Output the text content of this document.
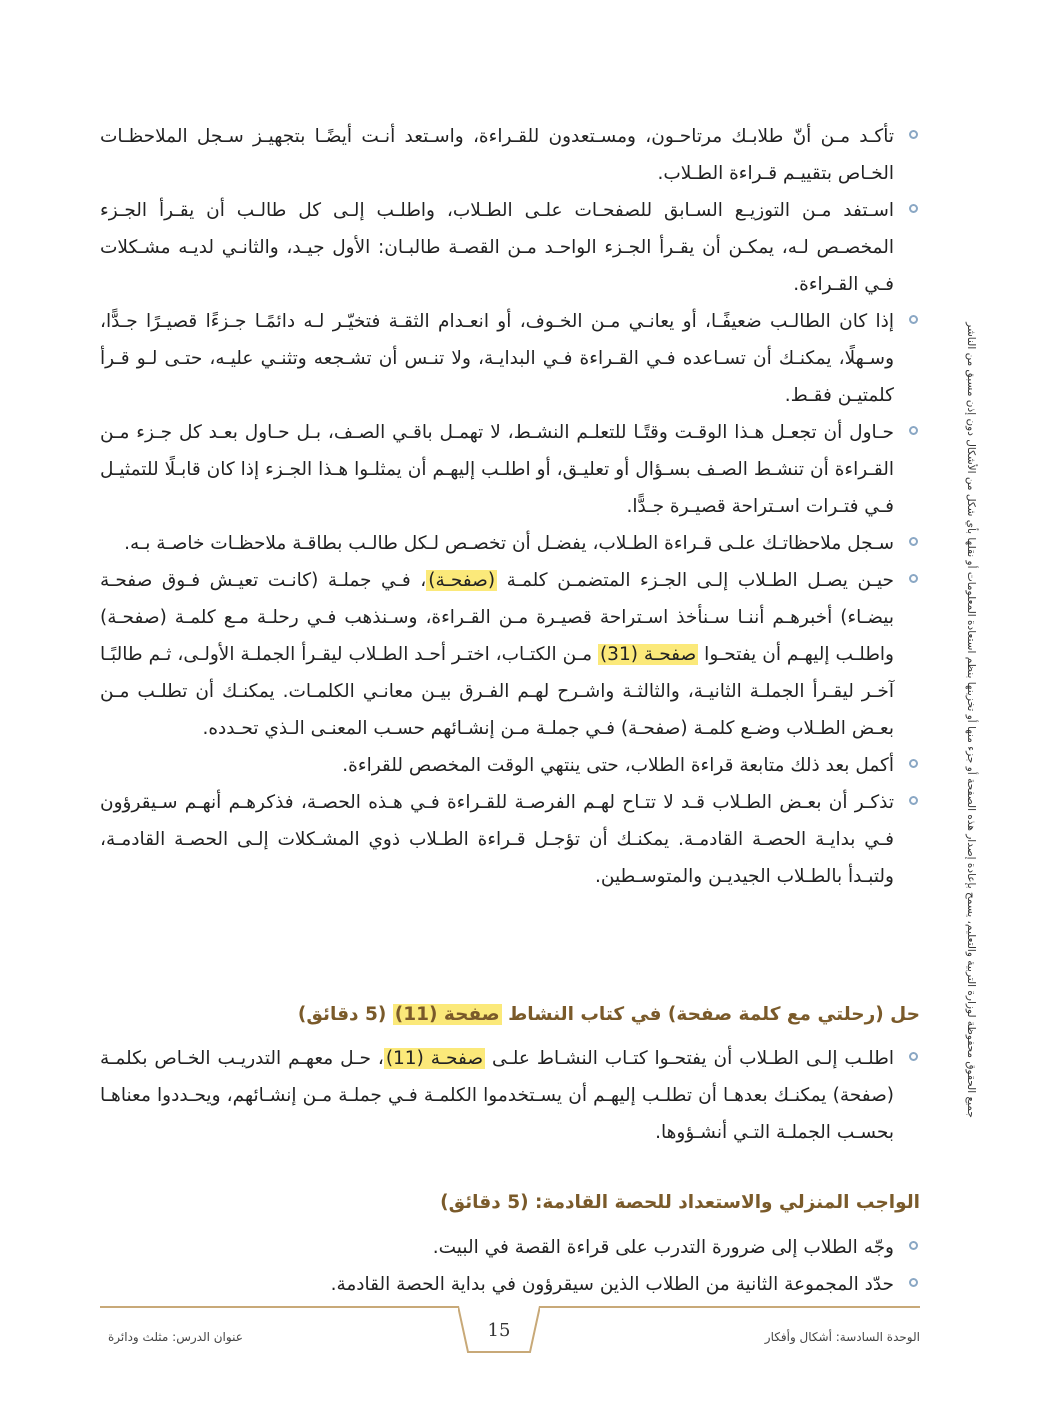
تأكـد مـن أنّ طلابـك مرتاحـون، ومسـتعدون للقـراءة، واسـتعد أنـت أيضًـا بتجهيـز سـجل الملاحظـات الخـاص بتقييـم قـراءة الطـلاب.
اسـتفد مـن التوزيـع السـابق للصفحـات علـى الطـلاب، واطلـب إلـى كل طالـب أن يقـرأ الجـزء المخصـص لـه، يمكـن أن يقـرأ الجـزء الواحـد مـن القصـة طالبـان: الأول جيـد، والثانـي لديـه مشـكلات فـي القـراءة.
إذا كان الطالـب ضعيفًـا، أو يعانـي مـن الخـوف، أو انعـدام الثقـة فتخيّـر لـه دائمًـا جـزءًا قصيـرًا جـدًّا، وسـهلًا، يمكنـك أن تسـاعده فـي القـراءة فـي البدايـة، ولا تنـس أن تشـجعه وتثنـي عليـه، حتـى لـو قـرأ كلمتيـن فقـط.
حـاول أن تجعـل هـذا الوقـت وقتًـا للتعلـم النشـط، لا تهمـل باقـي الصـف، بـل حـاول بعـد كل جـزء مـن القـراءة أن تنشـط الصـف بسـؤال أو تعليـق، أو اطلـب إليهـم أن يمثلـوا هـذا الجـزء إذا كان قابـلًا للتمثيـل فـي فتـرات اسـتراحة قصيـرة جـدًّا.
سـجل ملاحظاتـك علـى قـراءة الطـلاب، يفضـل أن تخصـص لـكل طالـب بطاقـة ملاحظـات خاصـة بـه.
حيـن يصـل الطـلاب إلـى الجـزء المتضمـن كلمـة (صفحـة)، فـي جملـة (كانـت تعيـش فـوق صفحـة بيضـاء) أخبرهـم أننـا سـنأخذ اسـتراحة قصيـرة مـن القـراءة، وسـنذهب فـي رحلـة مـع كلمـة (صفحـة) واطلـب إليهـم أن يفتحـوا صفحـة (31) مـن الكتـاب، اختـر أحـد الطـلاب ليقـرأ الجملـة الأولـى، ثـم طالبًـا آخـر ليقـرأ الجملـة الثانيـة، والثالثـة واشـرح لهـم الفـرق بيـن معانـي الكلمـات. يمكنـك أن تطلـب مـن بعـض الطـلاب وضـع كلمـة (صفحـة) فـي جملـة مـن إنشـائهم حسـب المعنـى الـذي تحـدده.
أكمل بعد ذلك متابعة قراءة الطلاب، حتى ينتهي الوقت المخصص للقراءة.
تذكـر أن بعـض الطـلاب قـد لا تتـاح لهـم الفرصـة للقـراءة فـي هـذه الحصـة، فذكرهـم أنهـم سـيقرؤون فـي بدايـة الحصـة القادمـة. يمكنـك أن تؤجـل قـراءة الطـلاب ذوي المشـكلات إلـى الحصـة القادمـة، ولتبـدأ بالطـلاب الجيديـن والمتوسـطين.
حل (رحلتي مع كلمة صفحة) في كتاب النشاط صفحة (11) (5 دقائق)
اطلـب إلـى الطـلاب أن يفتحـوا كتـاب النشـاط علـى صفحـة (11)، حـل معهـم التدريـب الخـاص بكلمـة (صفحة) يمكنـك بعدهـا أن تطلـب إليهـم أن يسـتخدموا الكلمـة فـي جملـة مـن إنشـائهم، ويحـددوا معناهـا بحسـب الجملـة التـي أنشـؤوها.
الواجب المنزلي والاستعداد للحصة القادمة: (5 دقائق)
وجّه الطلاب إلى ضرورة التدرب على قراءة القصة في البيت.
حدّد المجموعة الثانية من الطلاب الذين سيقرؤون في بداية الحصة القادمة.
جميع الحقوق محفوظة لوزارة التربية والتعليم، يسمح بإعادة إصدار هذه الصفحة أو جزء منها أو تخزينها بنظم استعادة المعلومات أو نقلها بأي شكل من الأشكال دون إذن مسبق من الناشر
15
عنوان الدرس: مثلث ودائرة	الوحدة السادسة: أشكال وأفكار
